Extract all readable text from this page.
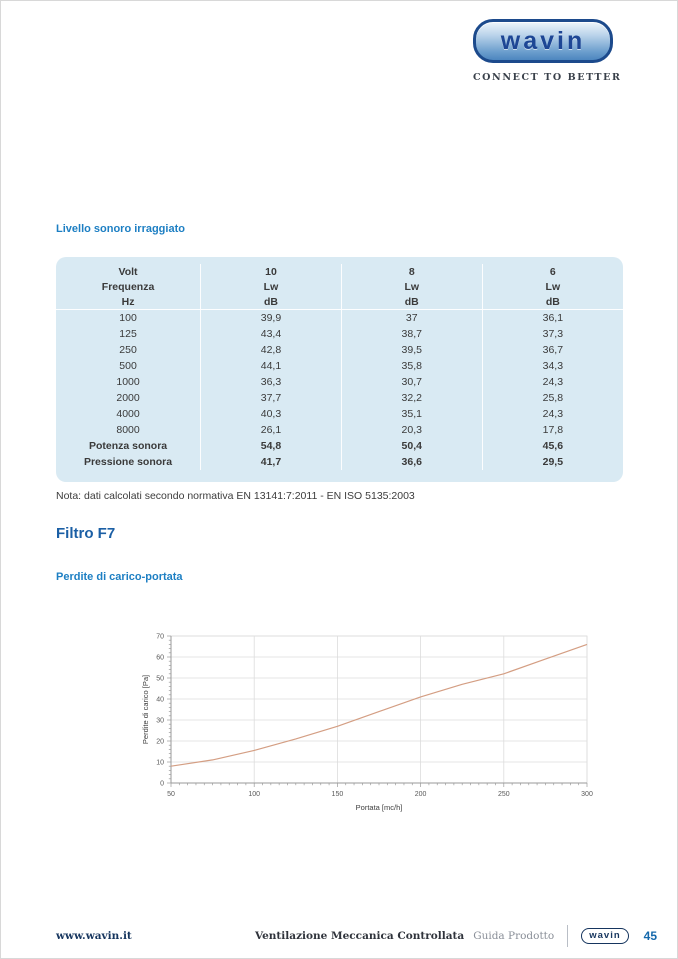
wavin
CONNECT TO BETTER
Livello sonoro irraggiato
Volt	10	8	6
Frequenza	Lw	Lw	Lw
Hz	dB	dB	dB
100	39,9	37	36,1
125	43,4	38,7	37,3
250	42,8	39,5	36,7
500	44,1	35,8	34,3
1000	36,3	30,7	24,3
2000	37,7	32,2	25,8
4000	40,3	35,1	24,3
8000	26,1	20,3	17,8
Potenza sonora	54,8	50,4	45,6
Pressione sonora	41,7	36,6	29,5
Nota: dati calcolati secondo normativa EN 13141:7:2011 - EN ISO 5135:2003
Filtro F7
Perdite di carico-portata
50	100	150	200	250	300
0
10
20
30
40
50
60
70
Portata [mc/h]
Perdite di carico [Pa]
www.wavin.it	Ventilazione Meccanica Controllata Guida Prodotto	wavin	45
